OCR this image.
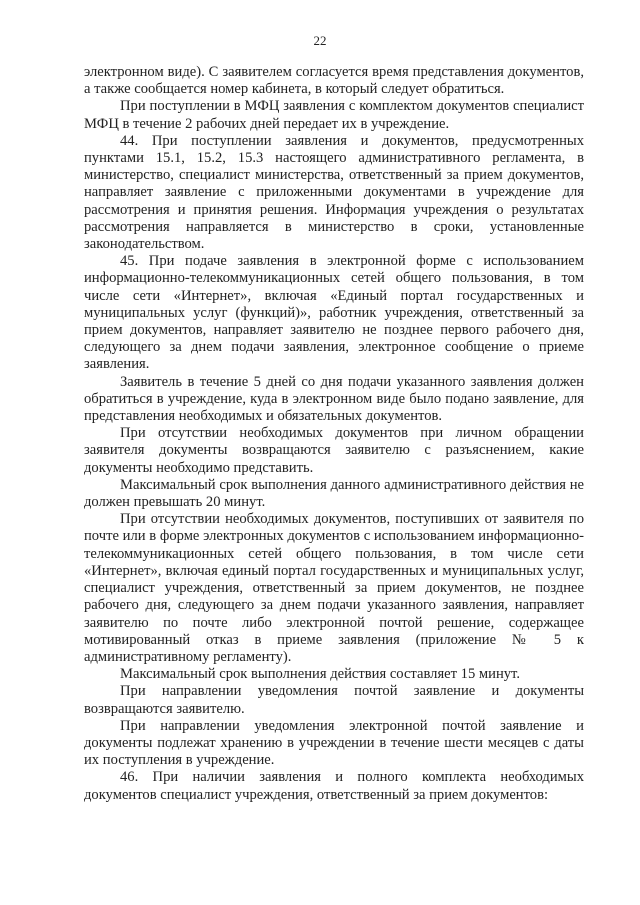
22

электронном виде). С заявителем согласуется время представления документов, а также сообщается номер кабинета, в который следует обратиться.

При поступлении в МФЦ заявления с комплектом документов специалист МФЦ в течение 2 рабочих дней передает их в учреждение.

44. При поступлении заявления и документов, предусмотренных пунктами 15.1, 15.2, 15.3 настоящего административного регламента, в министерство, специалист министерства, ответственный за прием документов, направляет заявление с приложенными документами в учреждение для рассмотрения и принятия решения. Информация учреждения о результатах рассмотрения направляется в министерство в сроки, установленные законодательством.

45. При подаче заявления в электронной форме с использованием информационно-телекоммуникационных сетей общего пользования, в том числе сети «Интернет», включая «Единый портал государственных и муниципальных услуг (функций)», работник учреждения, ответственный за прием документов, направляет заявителю не позднее первого рабочего дня, следующего за днем подачи заявления, электронное сообщение о приеме заявления.

Заявитель в течение 5 дней со дня подачи указанного заявления должен обратиться в учреждение, куда в электронном виде было подано заявление, для представления необходимых и обязательных документов.

При отсутствии необходимых документов при личном обращении заявителя документы возвращаются заявителю с разъяснением, какие документы необходимо представить.

Максимальный срок выполнения данного административного действия не должен превышать 20 минут.

При отсутствии необходимых документов, поступивших от заявителя по почте или в форме электронных документов с использованием информационно-телекоммуникационных сетей общего пользования, в том числе сети «Интернет», включая единый портал государственных и муниципальных услуг, специалист учреждения, ответственный за прием документов, не позднее рабочего дня, следующего за днем подачи указанного заявления, направляет заявителю по почте либо электронной почтой решение, содержащее мотивированный отказ в приеме заявления (приложение № 5 к административному регламенту).

Максимальный срок выполнения действия составляет 15 минут.

При направлении уведомления почтой заявление и документы возвращаются заявителю.

При направлении уведомления электронной почтой заявление и документы подлежат хранению в учреждении в течение шести месяцев с даты их поступления в учреждение.

46. При наличии заявления и полного комплекта необходимых документов специалист учреждения, ответственный за прием документов:
